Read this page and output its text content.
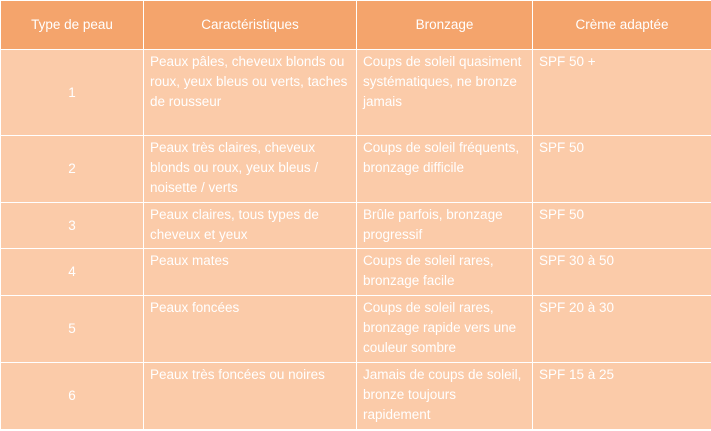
Type de peau	Caractéristiques	Bronzage	Crème adaptée
1	Peaux pâles, cheveux blonds ou roux, yeux bleus ou verts, taches de rousseur	Coups de soleil quasiment systématiques, ne bronze jamais	SPF 50 +
2	Peaux très claires, cheveux blonds ou roux, yeux bleus / noisette / verts	Coups de soleil fréquents, bronzage difficile	SPF 50
3	Peaux claires, tous types de cheveux et yeux	Brûle parfois, bronzage progressif	SPF 50
4	Peaux mates	Coups de soleil rares, bronzage facile	SPF 30 à 50
5	Peaux foncées	Coups de soleil rares, bronzage rapide vers une couleur sombre	SPF 20 à 30
6	Peaux très foncées ou noires	Jamais de coups de soleil, bronze toujours rapidement	SPF 15 à 25
